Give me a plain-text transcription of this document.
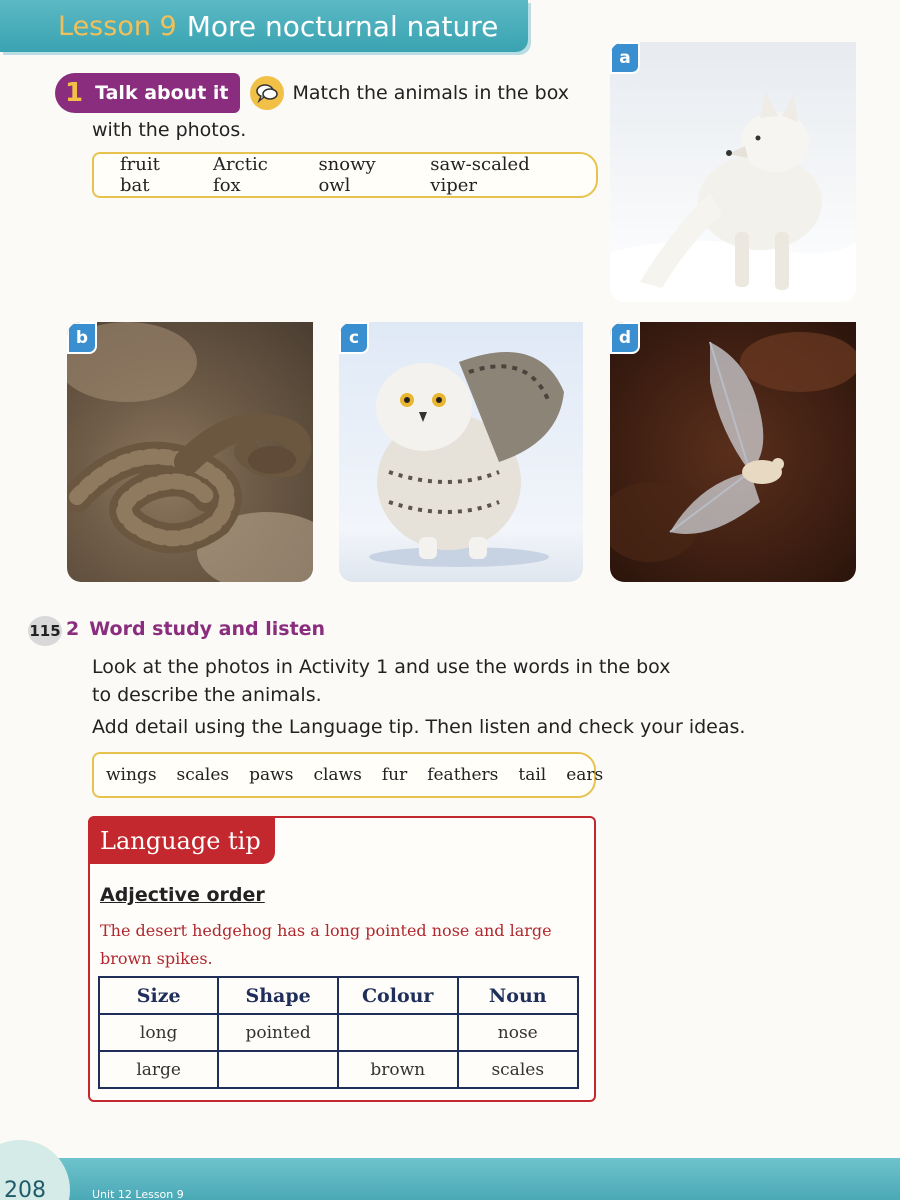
Lesson 9 More nocturnal nature
1 Talk about it	Match the animals in the box
with the photos.
fruit bat
Arctic fox
snowy owl
saw-scaled viper
a
b	c	d
115 2 Word study and listen
Look at the photos in Activity 1 and use the words in the box to describe the animals.
Add detail using the Language tip. Then listen and check your ideas.
wings scales paws claws fur feathers tail ears
Language tip
Adjective order
The desert hedgehog has a long pointed nose and large brown spikes.
Size	Shape	Colour	Noun
long	pointed		nose
large		brown	scales
208	Unit 12 Lesson 9
